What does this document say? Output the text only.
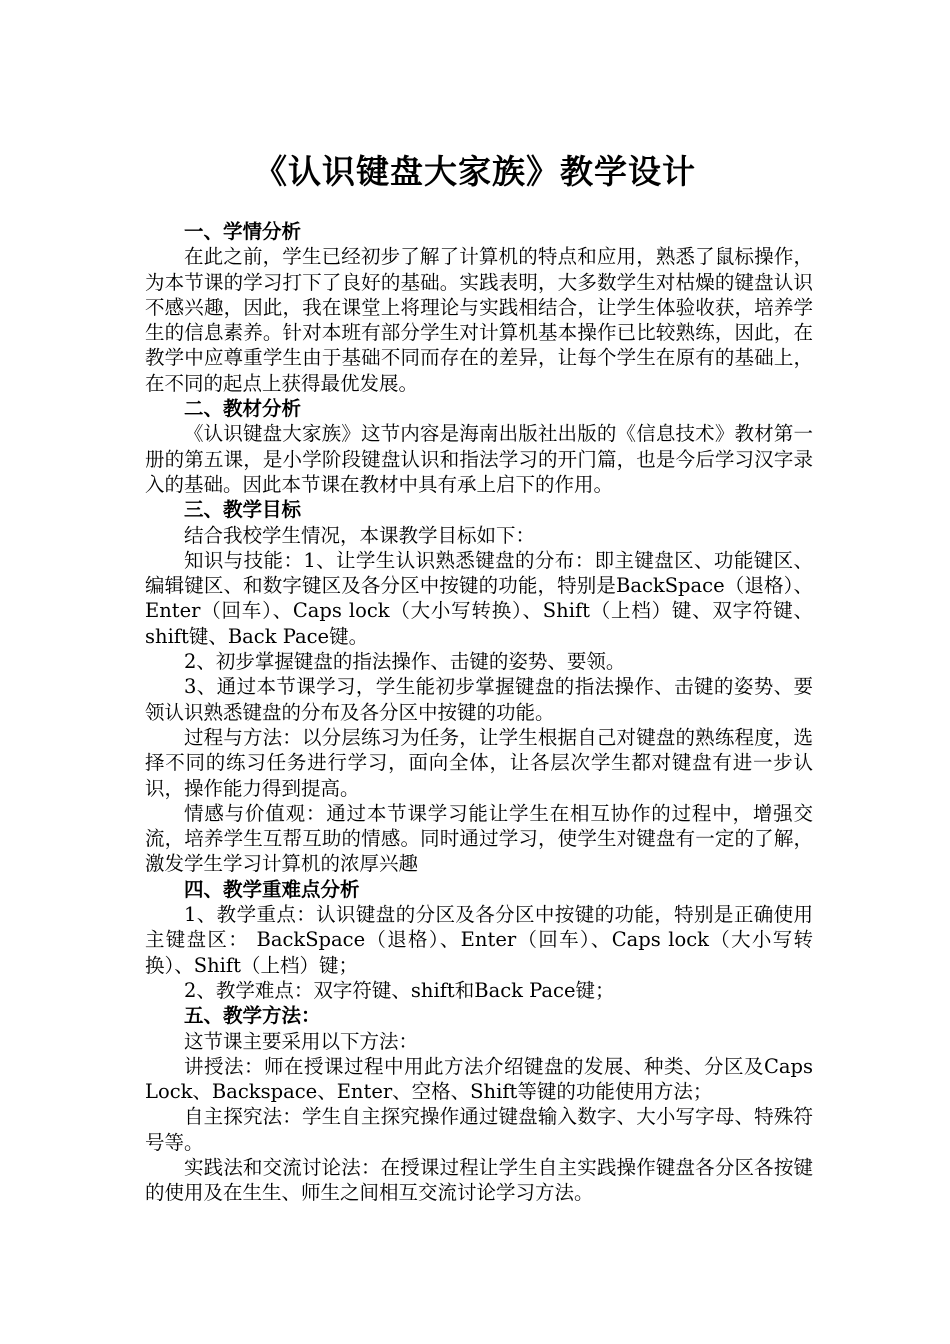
《认识键盘大家族》教学设计
一、学情分析

在此之前，学生已经初步了解了计算机的特点和应用，熟悉了鼠标操作，为本节课的学习打下了良好的基础。实践表明，大多数学生对枯燥的键盘认识不感兴趣，因此，我在课堂上将理论与实践相结合，让学生体验收获，培养学生的信息素养。针对本班有部分学生对计算机基本操作已比较熟练，因此，在教学中应尊重学生由于基础不同而存在的差异，让每个学生在原有的基础上，在不同的起点上获得最优发展。

二、教材分析

《认识键盘大家族》这节内容是海南出版社出版的《信息技术》教材第一册的第五课，是小学阶段键盘认识和指法学习的开门篇，也是今后学习汉字录入的基础。因此本节课在教材中具有承上启下的作用。

三、教学目标

结合我校学生情况，本课教学目标如下：

知识与技能：1、让学生认识熟悉键盘的分布：即主键盘区、功能键区、编辑键区、和数字键区及各分区中按键的功能，特别是BackSpace（退格）、Enter（回车）、Caps lock（大小写转换）、Shift（上档）键、双字符键、shift键、Back Pace键。

2、初步掌握键盘的指法操作、击键的姿势、要领。

3、通过本节课学习，学生能初步掌握键盘的指法操作、击键的姿势、要领认识熟悉键盘的分布及各分区中按键的功能。

过程与方法：以分层练习为任务，让学生根据自己对键盘的熟练程度，选择不同的练习任务进行学习，面向全体，让各层次学生都对键盘有进一步认识，操作能力得到提高。

情感与价值观：通过本节课学习能让学生在相互协作的过程中，增强交流，培养学生互帮互助的情感。同时通过学习，使学生对键盘有一定的了解，激发学生学习计算机的浓厚兴趣

四、教学重难点分析

1、教学重点：认识键盘的分区及各分区中按键的功能，特别是正确使用主键盘区： BackSpace（退格）、Enter（回车）、Caps lock（大小写转换）、Shift（上档）键；

2、教学难点：双字符键、shift和Back Pace键；

五、教学方法：

这节课主要采用以下方法：

讲授法：师在授课过程中用此方法介绍键盘的发展、种类、分区及Caps Lock、Backspace、Enter、空格、Shift等键的功能使用方法；

自主探究法：学生自主探究操作通过键盘输入数字、大小写字母、特殊符号等。

实践法和交流讨论法：在授课过程让学生自主实践操作键盘各分区各按键的使用及在生生、师生之间相互交流讨论学习方法。
